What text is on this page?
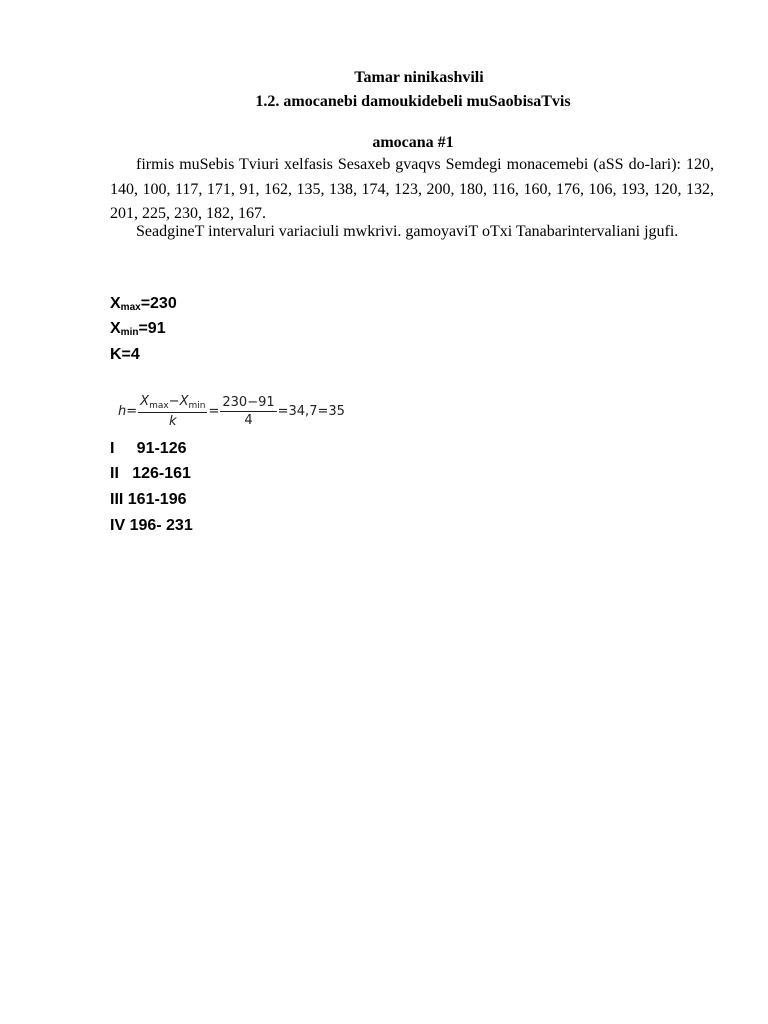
Tamar ninikashvili
1.2. amocanebi damoukidebeli muSaobisaTvis
amocana #1

firmis muSebis Tviuri xelfasis Sesaxeb gvaqvs Semdegi monacemebi (aSS do-lari): 120, 140, 100, 117, 171, 91, 162, 135, 138, 174, 123, 200, 180, 116, 160, 176, 106, 193, 120, 132, 201, 225, 230, 182, 167.

SeadgineT intervaluri variaciuli mwkrivi. gamoyaviT oTxi Tanabarintervaliani jgufi.

$X_{max}=230$
$X_{min}=91$
K=4
$h = \frac{X_{max}-X_{min}}{k} = \frac{230-91}{4} =34,7=35$
I     91-126
II   126-161
III 161-196
IV 196- 231
